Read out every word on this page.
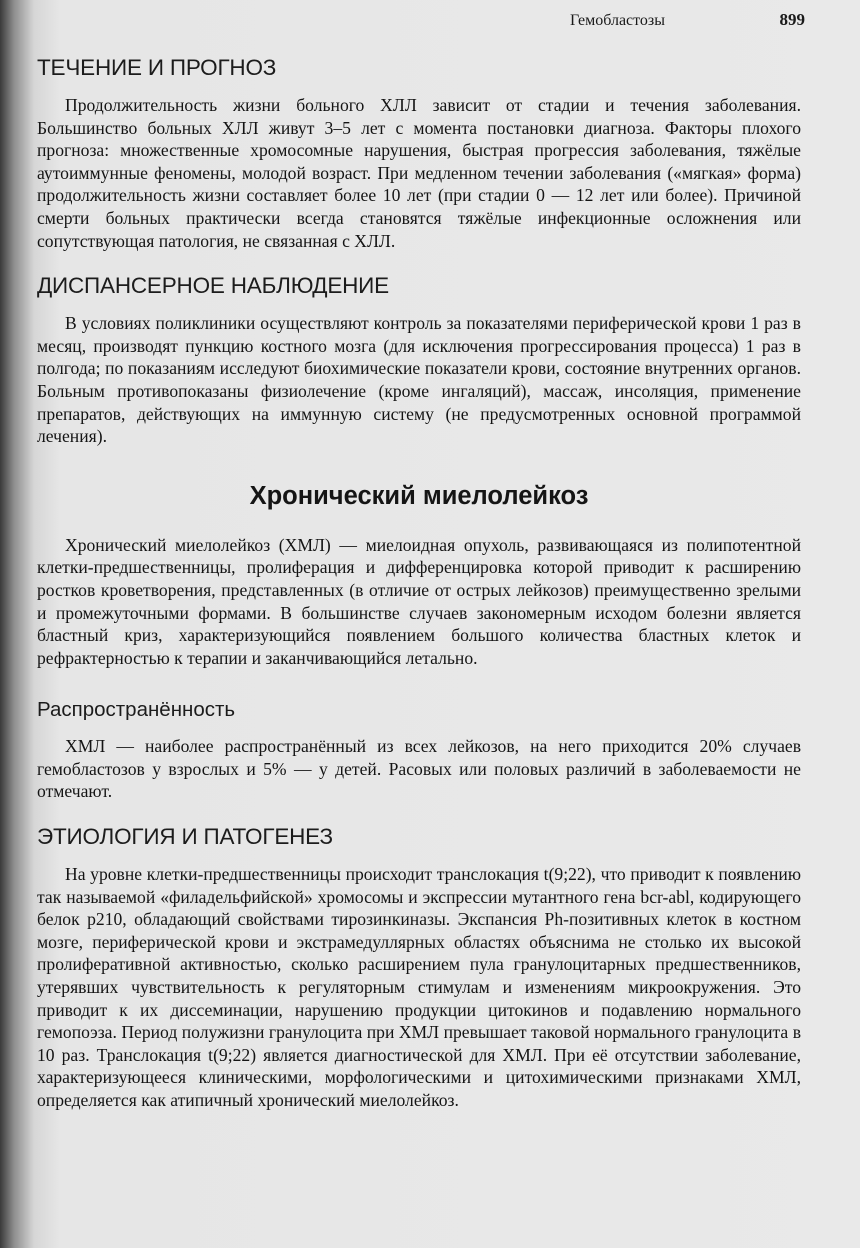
Гемобластозы	899
ТЕЧЕНИЕ И ПРОГНОЗ

Продолжительность жизни больного ХЛЛ зависит от стадии и течения заболевания. Большинство больных ХЛЛ живут 3–5 лет с момента постановки диагноза. Факторы плохого прогноза: множественные хромосомные нарушения, быстрая прогрессия заболевания, тяжёлые аутоиммунные феномены, молодой возраст. При медленном течении заболевания («мягкая» форма) продолжительность жизни составляет более 10 лет (при стадии 0 — 12 лет или более). Причиной смерти больных практически всегда становятся тяжёлые инфекционные осложнения или сопутствующая патология, не связанная с ХЛЛ.

ДИСПАНСЕРНОЕ НАБЛЮДЕНИЕ

В условиях поликлиники осуществляют контроль за показателями периферической крови 1 раз в месяц, производят пункцию костного мозга (для исключения прогрессирования процесса) 1 раз в полгода; по показаниям исследуют биохимические показатели крови, состояние внутренних органов. Больным противопоказаны физиолечение (кроме ингаляций), массаж, инсоляция, применение препаратов, действующих на иммунную систему (не предусмотренных основной программой лечения).

Хронический миелолейкоз

Хронический миелолейкоз (ХМЛ) — миелоидная опухоль, развивающаяся из полипотентной клетки-предшественницы, пролиферация и дифференцировка которой приводит к расширению ростков кроветворения, представленных (в отличие от острых лейкозов) преимущественно зрелыми и промежуточными формами. В большинстве случаев закономерным исходом болезни является бластный криз, характеризующийся появлением большого количества бластных клеток и рефрактерностью к терапии и заканчивающийся летально.

Распространённость

ХМЛ — наиболее распространённый из всех лейкозов, на него приходится 20% случаев гемобластозов у взрослых и 5% — у детей. Расовых или половых различий в заболеваемости не отмечают.

ЭТИОЛОГИЯ И ПАТОГЕНЕЗ

На уровне клетки-предшественницы происходит транслокация t(9;22), что приводит к появлению так называемой «филадельфийской» хромосомы и экспрессии мутантного гена bcr-abl, кодирующего белок p210, обладающий свойствами тирозинкиназы. Экспансия Ph-позитивных клеток в костном мозге, периферической крови и экстрамедуллярных областях объяснима не столько их высокой пролиферативной активностью, сколько расширением пула гранулоцитарных предшественников, утерявших чувствительность к регуляторным стимулам и изменениям микроокружения. Это приводит к их диссеминации, нарушению продукции цитокинов и подавлению нормального гемопоэза. Период полужизни гранулоцита при ХМЛ превышает таковой нормального гранулоцита в 10 раз. Транслокация t(9;22) является диагностической для ХМЛ. При её отсутствии заболевание, характеризующееся клиническими, морфологическими и цитохимическими признаками ХМЛ, определяется как атипичный хронический миелолейкоз.
